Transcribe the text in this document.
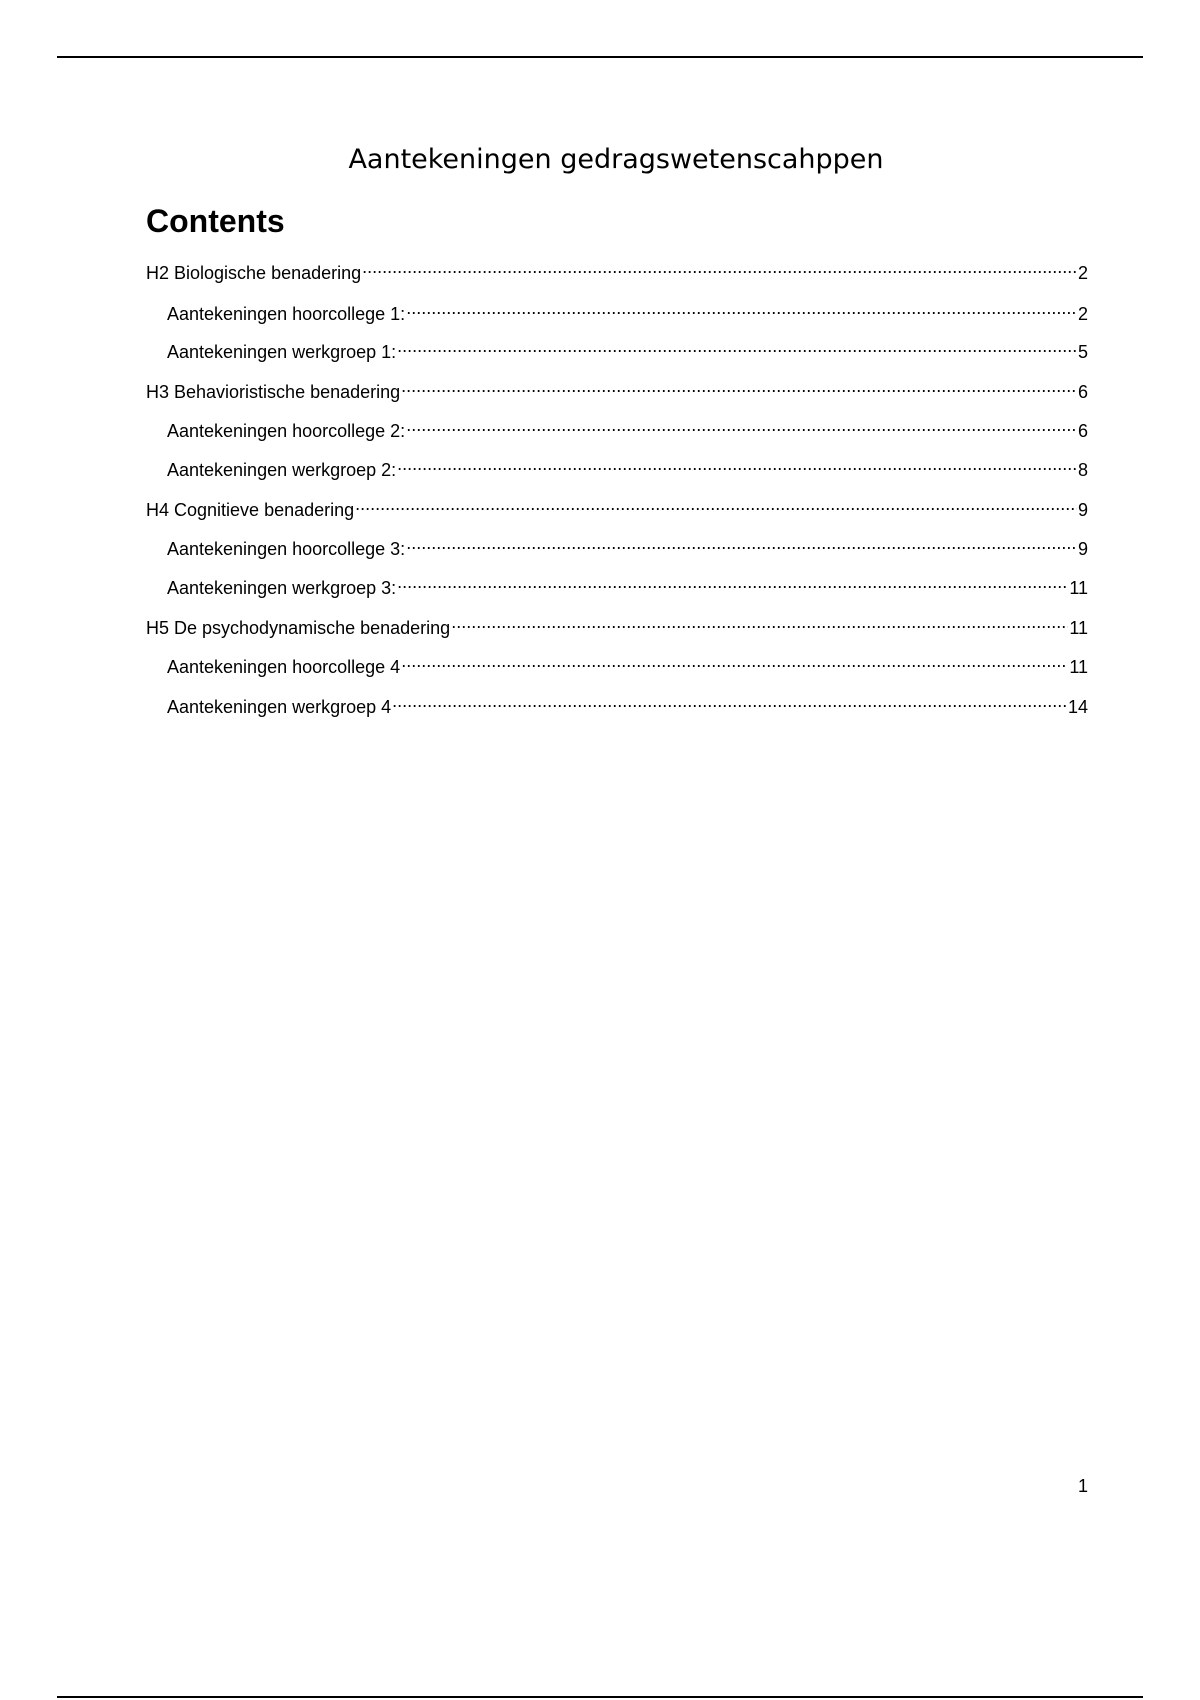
Aantekeningen gedragswetenscahppen
Contents
H2 Biologische benadering .....	2
Aantekeningen hoorcollege 1: .....	2
Aantekeningen werkgroep 1: .....	5
H3 Behavioristische benadering .....	6
Aantekeningen hoorcollege 2: .....	6
Aantekeningen werkgroep 2: .....	8
H4 Cognitieve benadering .....	9
Aantekeningen hoorcollege 3: .....	9
Aantekeningen werkgroep 3: .....	11
H5 De psychodynamische benadering .....	11
Aantekeningen hoorcollege 4 .....	11
Aantekeningen werkgroep 4 .....	14
1
